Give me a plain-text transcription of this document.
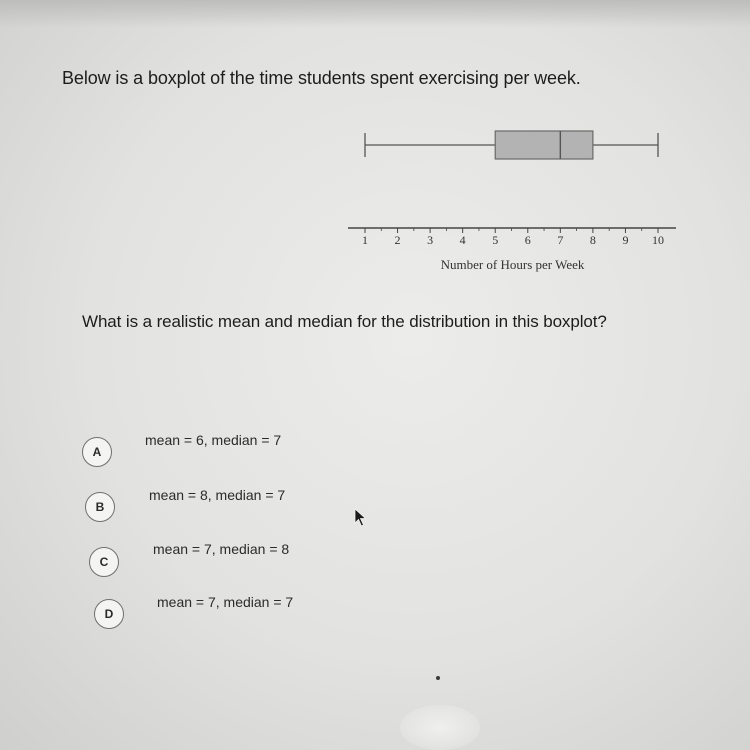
Below is a boxplot of the time students spent exercising per week.
1 2 3 4 5 6 7 8 9 10
Number of Hours per Week
What is a realistic mean and median for the distribution in this boxplot?
A
mean = 6, median = 7
B
mean = 8, median = 7
C
mean = 7, median = 8
D
mean = 7, median = 7
